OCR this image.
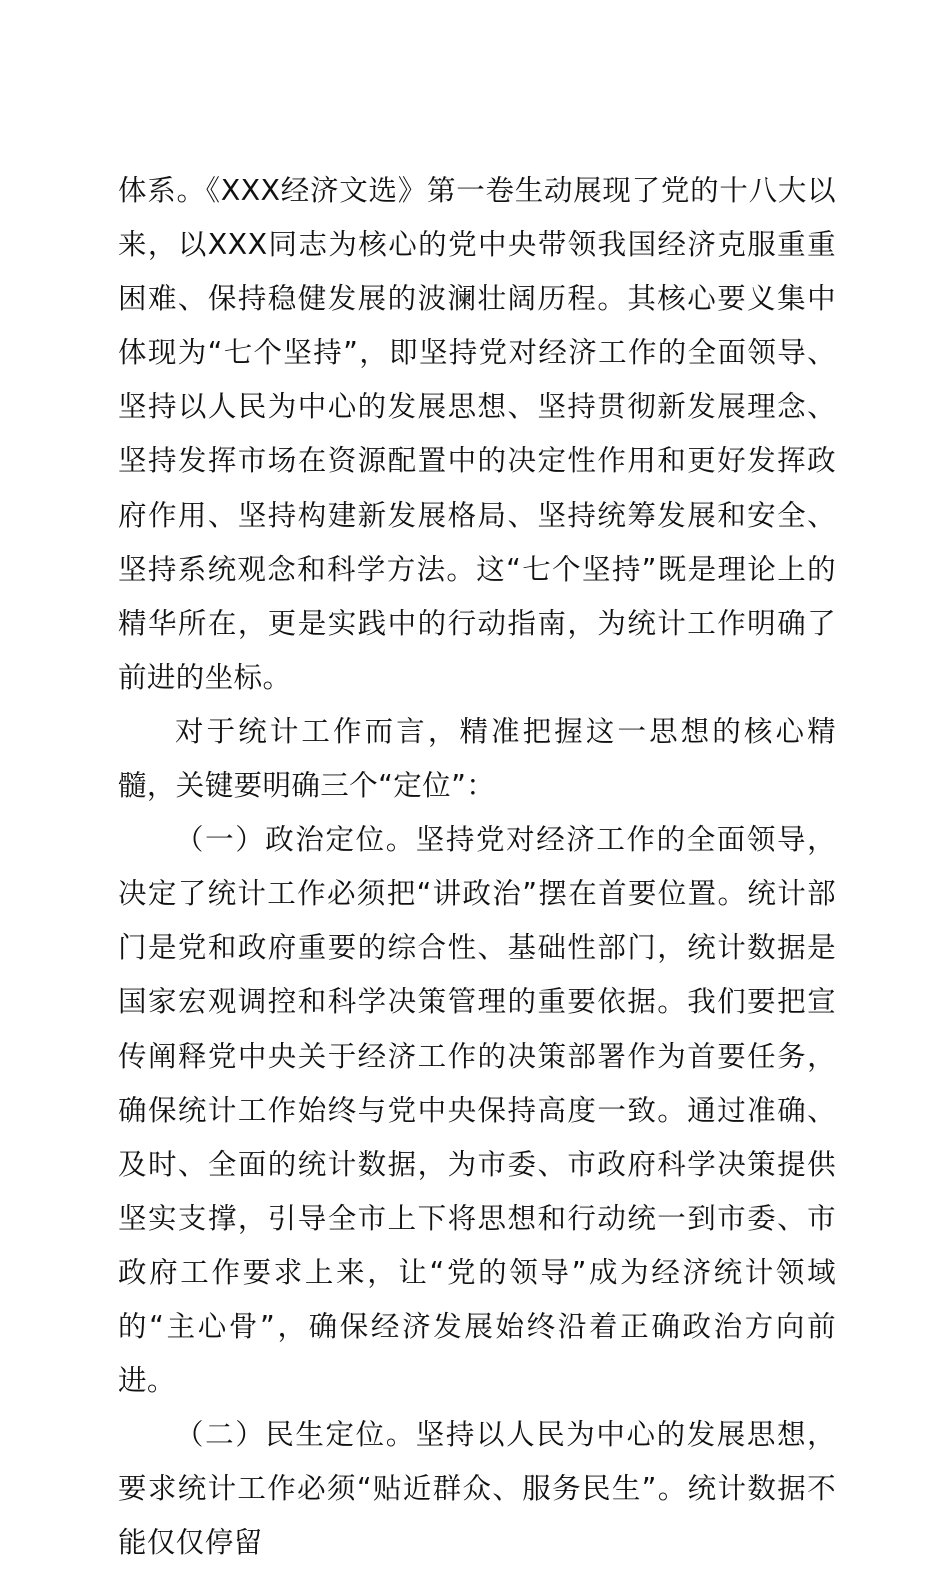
体系。《XXX经济文选》第一卷生动展现了党的十八大以来，以XXX同志为核心的党中央带领我国经济克服重重困难、保持稳健发展的波澜壮阔历程。其核心要义集中体现为“七个坚持”，即坚持党对经济工作的全面领导、坚持以人民为中心的发展思想、坚持贯彻新发展理念、坚持发挥市场在资源配置中的决定性作用和更好发挥政府作用、坚持构建新发展格局、坚持统筹发展和安全、坚持系统观念和科学方法。这“七个坚持”既是理论上的精华所在，更是实践中的行动指南，为统计工作明确了前进的坐标。

对于统计工作而言，精准把握这一思想的核心精髓，关键要明确三个“定位”：

（一）政治定位。坚持党对经济工作的全面领导，决定了统计工作必须把“讲政治”摆在首要位置。统计部门是党和政府重要的综合性、基础性部门，统计数据是国家宏观调控和科学决策管理的重要依据。我们要把宣传阐释党中央关于经济工作的决策部署作为首要任务，确保统计工作始终与党中央保持高度一致。通过准确、及时、全面的统计数据，为市委、市政府科学决策提供坚实支撑，引导全市上下将思想和行动统一到市委、市政府工作要求上来，让“党的领导”成为经济统计领域的“主心骨”，确保经济发展始终沿着正确政治方向前进。

（二）民生定位。坚持以人民为中心的发展思想，要求统计工作必须“贴近群众、服务民生”。统计数据不能仅仅停留
